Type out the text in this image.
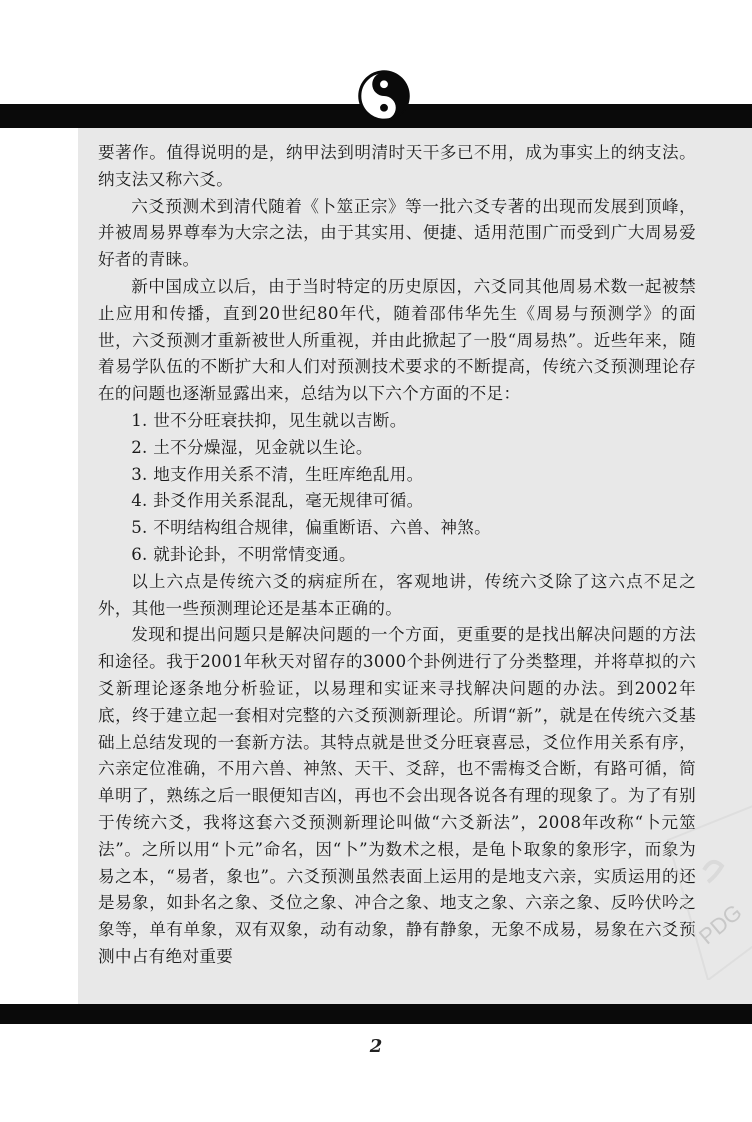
要著作。值得说明的是，纳甲法到明清时天干多已不用，成为事实上的纳支法。纳支法又称六爻。

六爻预测术到清代随着《卜筮正宗》等一批六爻专著的出现而发展到顶峰，并被周易界尊奉为大宗之法，由于其实用、便捷、适用范围广而受到广大周易爱好者的青睐。

新中国成立以后，由于当时特定的历史原因，六爻同其他周易术数一起被禁止应用和传播，直到20世纪80年代，随着邵伟华先生《周易与预测学》的面世，六爻预测才重新被世人所重视，并由此掀起了一股“周易热”。近些年来，随着易学队伍的不断扩大和人们对预测技术要求的不断提高，传统六爻预测理论存在的问题也逐渐显露出来，总结为以下六个方面的不足：

1. 世不分旺衰扶抑，见生就以吉断。

2. 土不分燥湿，见金就以生论。

3. 地支作用关系不清，生旺库绝乱用。

4. 卦爻作用关系混乱，毫无规律可循。

5. 不明结构组合规律，偏重断语、六兽、神煞。

6. 就卦论卦，不明常情变通。

以上六点是传统六爻的病症所在，客观地讲，传统六爻除了这六点不足之外，其他一些预测理论还是基本正确的。

发现和提出问题只是解决问题的一个方面，更重要的是找出解决问题的方法和途径。我于2001年秋天对留存的3000个卦例进行了分类整理，并将草拟的六爻新理论逐条地分析验证，以易理和实证来寻找解决问题的办法。到2002年底，终于建立起一套相对完整的六爻预测新理论。所谓“新”，就是在传统六爻基础上总结发现的一套新方法。其特点就是世爻分旺衰喜忌，爻位作用关系有序，六亲定位准确，不用六兽、神煞、天干、爻辞，也不需梅爻合断，有路可循，简单明了，熟练之后一眼便知吉凶，再也不会出现各说各有理的现象了。为了有别于传统六爻，我将这套六爻预测新理论叫做“六爻新法”，2008年改称“卜元筮法”。之所以用“卜元”命名，因“卜”为数术之根，是龟卜取象的象形字，而象为易之本，“易者，象也”。六爻预测虽然表面上运用的是地支六亲，实质运用的还是易象，如卦名之象、爻位之象、冲合之象、地支之象、六亲之象、反吟伏吟之象等，单有单象，双有双象，动有动象，静有静象，无象不成易，易象在六爻预测中占有绝对重要

PDG
2
